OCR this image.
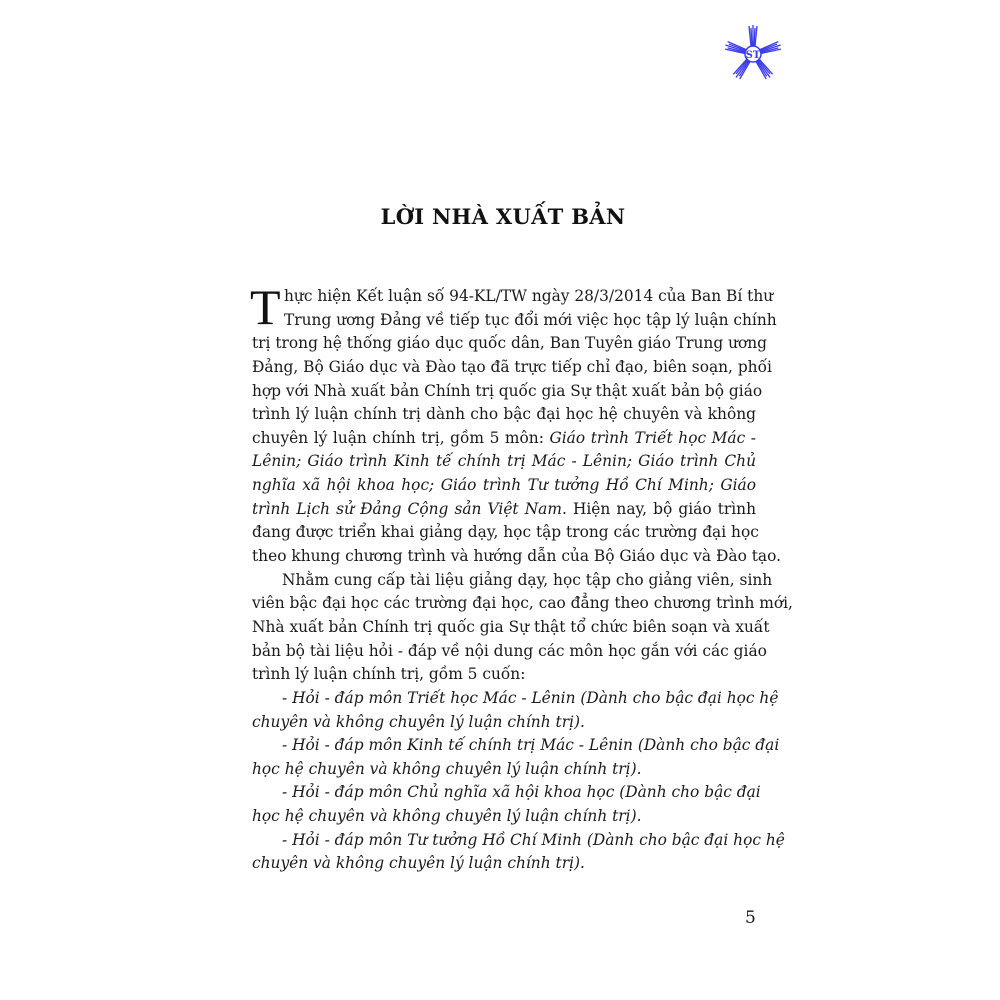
ST
LỜI NHÀ XUẤT BẢN
T hực hiện Kết luận số 94-KL/TW ngày 28/3/2014 của Ban Bí thư
Trung ương Đảng về tiếp tục đổi mới việc học tập lý luận chính
trị trong hệ thống giáo dục quốc dân, Ban Tuyên giáo Trung ương
Đảng, Bộ Giáo dục và Đào tạo đã trực tiếp chỉ đạo, biên soạn, phối
hợp với Nhà xuất bản Chính trị quốc gia Sự thật xuất bản bộ giáo
trình lý luận chính trị dành cho bậc đại học hệ chuyên và không
chuyên lý luận chính trị, gồm 5 môn: Giáo trình Triết học Mác -
Lênin; Giáo trình Kinh tế chính trị Mác - Lênin; Giáo trình Chủ
nghĩa xã hội khoa học; Giáo trình Tư tưởng Hồ Chí Minh; Giáo
trình Lịch sử Đảng Cộng sản Việt Nam. Hiện nay, bộ giáo trình
đang được triển khai giảng dạy, học tập trong các trường đại học
theo khung chương trình và hướng dẫn của Bộ Giáo dục và Đào tạo.
Nhằm cung cấp tài liệu giảng dạy, học tập cho giảng viên, sinh
viên bậc đại học các trường đại học, cao đẳng theo chương trình mới,
Nhà xuất bản Chính trị quốc gia Sự thật tổ chức biên soạn và xuất
bản bộ tài liệu hỏi - đáp về nội dung các môn học gắn với các giáo
trình lý luận chính trị, gồm 5 cuốn:
- Hỏi - đáp môn Triết học Mác - Lênin (Dành cho bậc đại học hệ
chuyên và không chuyên lý luận chính trị).
- Hỏi - đáp môn Kinh tế chính trị Mác - Lênin (Dành cho bậc đại
học hệ chuyên và không chuyên lý luận chính trị).
- Hỏi - đáp môn Chủ nghĩa xã hội khoa học (Dành cho bậc đại
học hệ chuyên và không chuyên lý luận chính trị).
- Hỏi - đáp môn Tư tưởng Hồ Chí Minh (Dành cho bậc đại học hệ
chuyên và không chuyên lý luận chính trị).
5
